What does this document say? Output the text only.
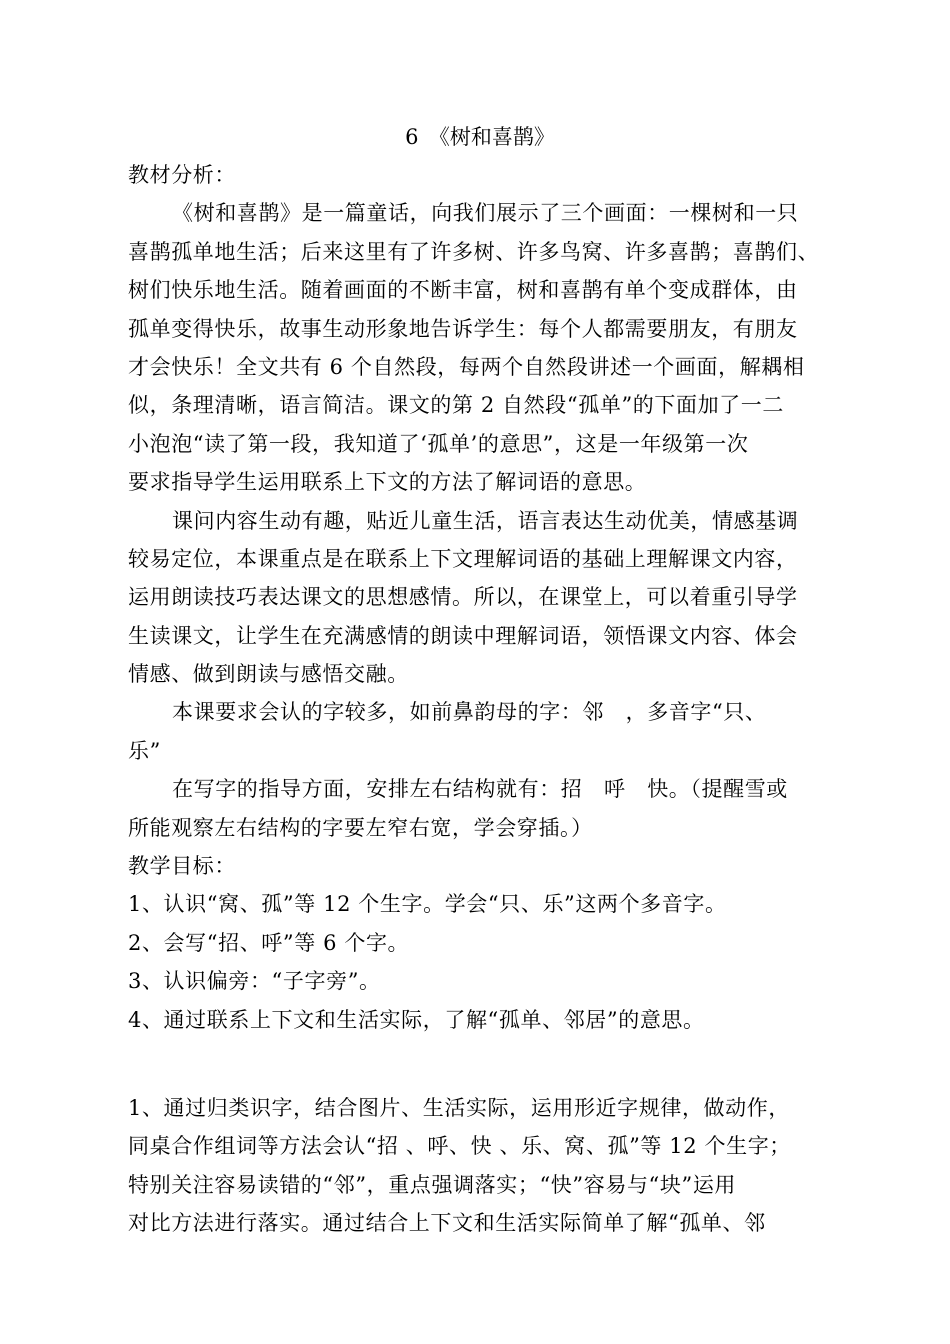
6　《树和喜鹊》
教材分析：
《树和喜鹊》是一篇童话，向我们展示了三个画面：一棵树和一只
喜鹊孤单地生活；后来这里有了许多树、许多鸟窝、许多喜鹊；喜鹊们、
树们快乐地生活。随着画面的不断丰富，树和喜鹊有单个变成群体，由
孤单变得快乐，故事生动形象地告诉学生：每个人都需要朋友，有朋友
才会快乐！全文共有 6 个自然段，每两个自然段讲述一个画面，解耦相
似，条理清晰，语言简洁。课文的第 2 自然段“孤单”的下面加了一二
小泡泡“读了第一段，我知道了‘孤单’的意思”，这是一年级第一次
要求指导学生运用联系上下文的方法了解词语的意思。
课问内容生动有趣，贴近儿童生活，语言表达生动优美，情感基调
较易定位，本课重点是在联系上下文理解词语的基础上理解课文内容，
运用朗读技巧表达课文的思想感情。所以，在课堂上，可以着重引导学
生读课文，让学生在充满感情的朗读中理解词语，领悟课文内容、体会
情感、做到朗读与感悟交融。
本课要求会认的字较多，如前鼻韵母的字：邻　，多音字“只、
乐”
在写字的指导方面，安排左右结构就有：招　呼　快。（提醒雪或
所能观察左右结构的字要左窄右宽，学会穿插。）
教学目标：
1、认识“窝、孤”等 12 个生字。学会“只、乐”这两个多音字。
2、会写“招、呼”等 6 个字。
3、认识偏旁：“子字旁”。
4、通过联系上下文和生活实际，了解“孤单、邻居”的意思。
1、通过归类识字，结合图片、生活实际，运用形近字规律，做动作，
同桌合作组词等方法会认“招 、呼、快 、乐、窝、孤”等 12 个生字；
特别关注容易读错的“邻”，重点强调落实；“快”容易与“块”运用
对比方法进行落实。通过结合上下文和生活实际简单了解“孤单、邻
